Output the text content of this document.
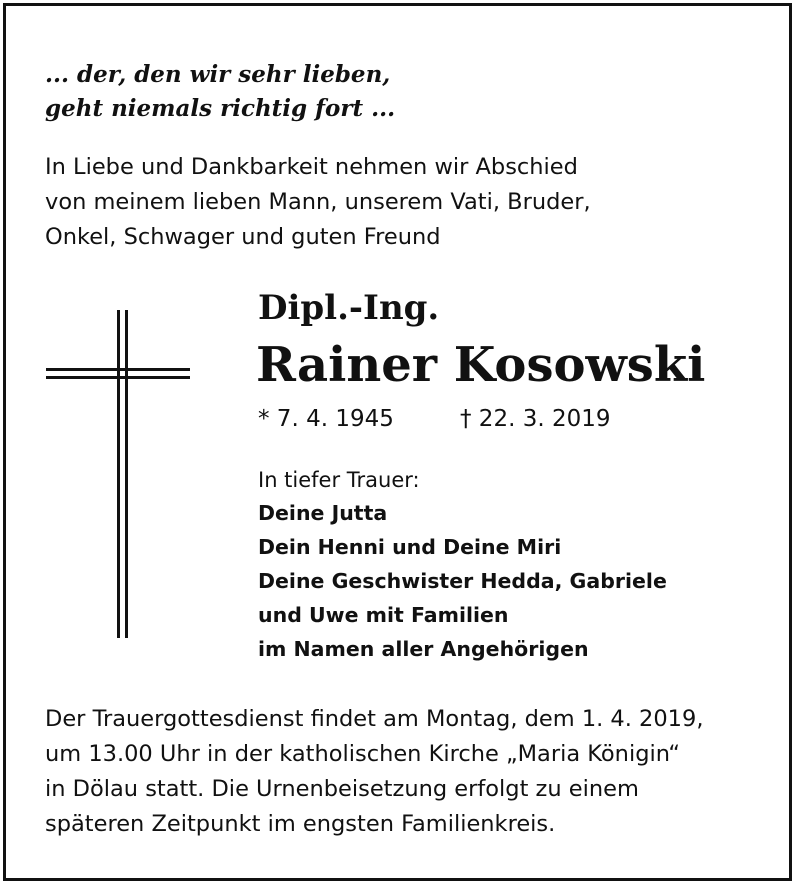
... der, den wir sehr lieben,
geht niemals richtig fort ...
In Liebe und Dankbarkeit nehmen wir Abschied
von meinem lieben Mann, unserem Vati, Bruder,
Onkel, Schwager und guten Freund
Dipl.-Ing.
Rainer Kosowski
* 7. 4. 1945	† 22. 3. 2019
In tiefer Trauer:
Deine Jutta
Dein Henni und Deine Miri
Deine Geschwister Hedda, Gabriele
und Uwe mit Familien
im Namen aller Angehörigen
Der Trauergottesdienst findet am Montag, dem 1. 4. 2019,
um 13.00 Uhr in der katholischen Kirche „Maria Königin“
in Dölau statt. Die Urnenbeisetzung erfolgt zu einem
späteren Zeitpunkt im engsten Familienkreis.
